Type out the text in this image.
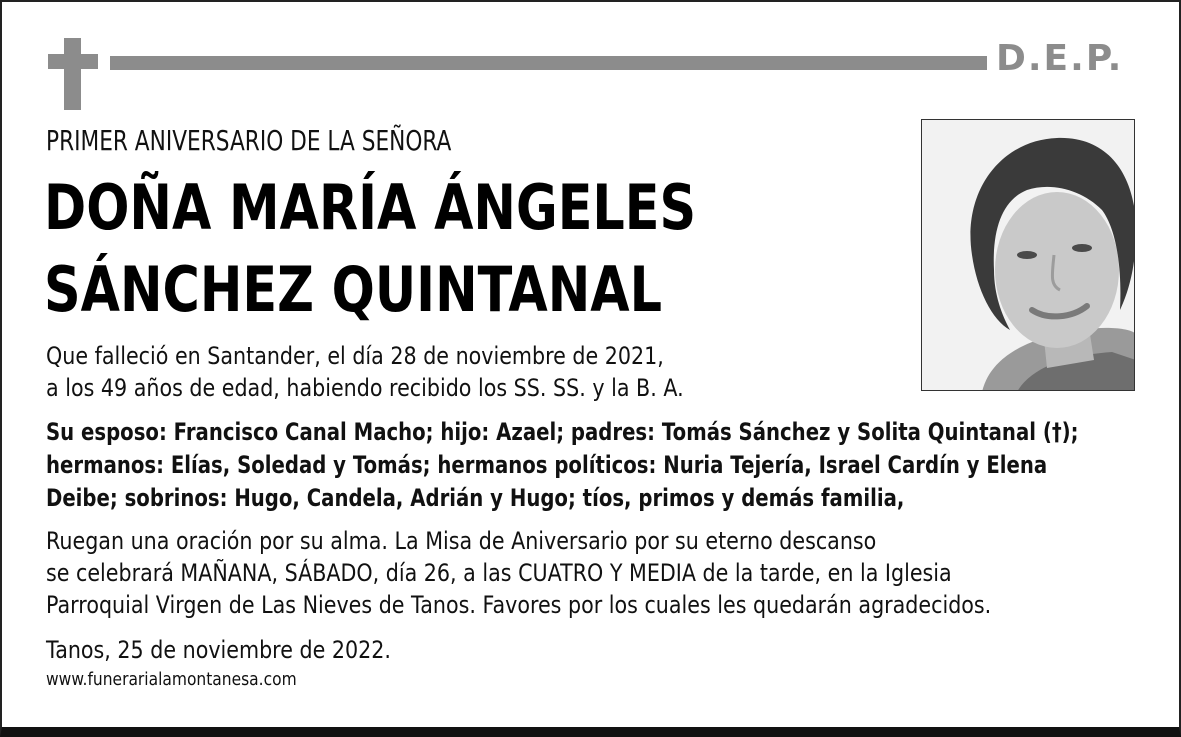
D.E.P.
PRIMER ANIVERSARIO DE LA SEÑORA
DOÑA MARÍA ÁNGELES
SÁNCHEZ QUINTANAL
Que falleció en Santander, el día 28 de noviembre de 2021,
a los 49 años de edad, habiendo recibido los SS. SS. y la B. A.
Su esposo: Francisco Canal Macho; hijo: Azael; padres: Tomás Sánchez y Solita Quintanal (†);
hermanos: Elías, Soledad y Tomás; hermanos políticos: Nuria Tejería, Israel Cardín y Elena
Deibe; sobrinos: Hugo, Candela, Adrián y Hugo; tíos, primos y demás familia,
Ruegan una oración por su alma. La Misa de Aniversario por su eterno descanso
se celebrará MAÑANA, SÁBADO, día 26, a las CUATRO Y MEDIA de la tarde, en la Iglesia
Parroquial Virgen de Las Nieves de Tanos. Favores por los cuales les quedarán agradecidos.
Tanos, 25 de noviembre de 2022.
www.funerarialamontanesa.com
